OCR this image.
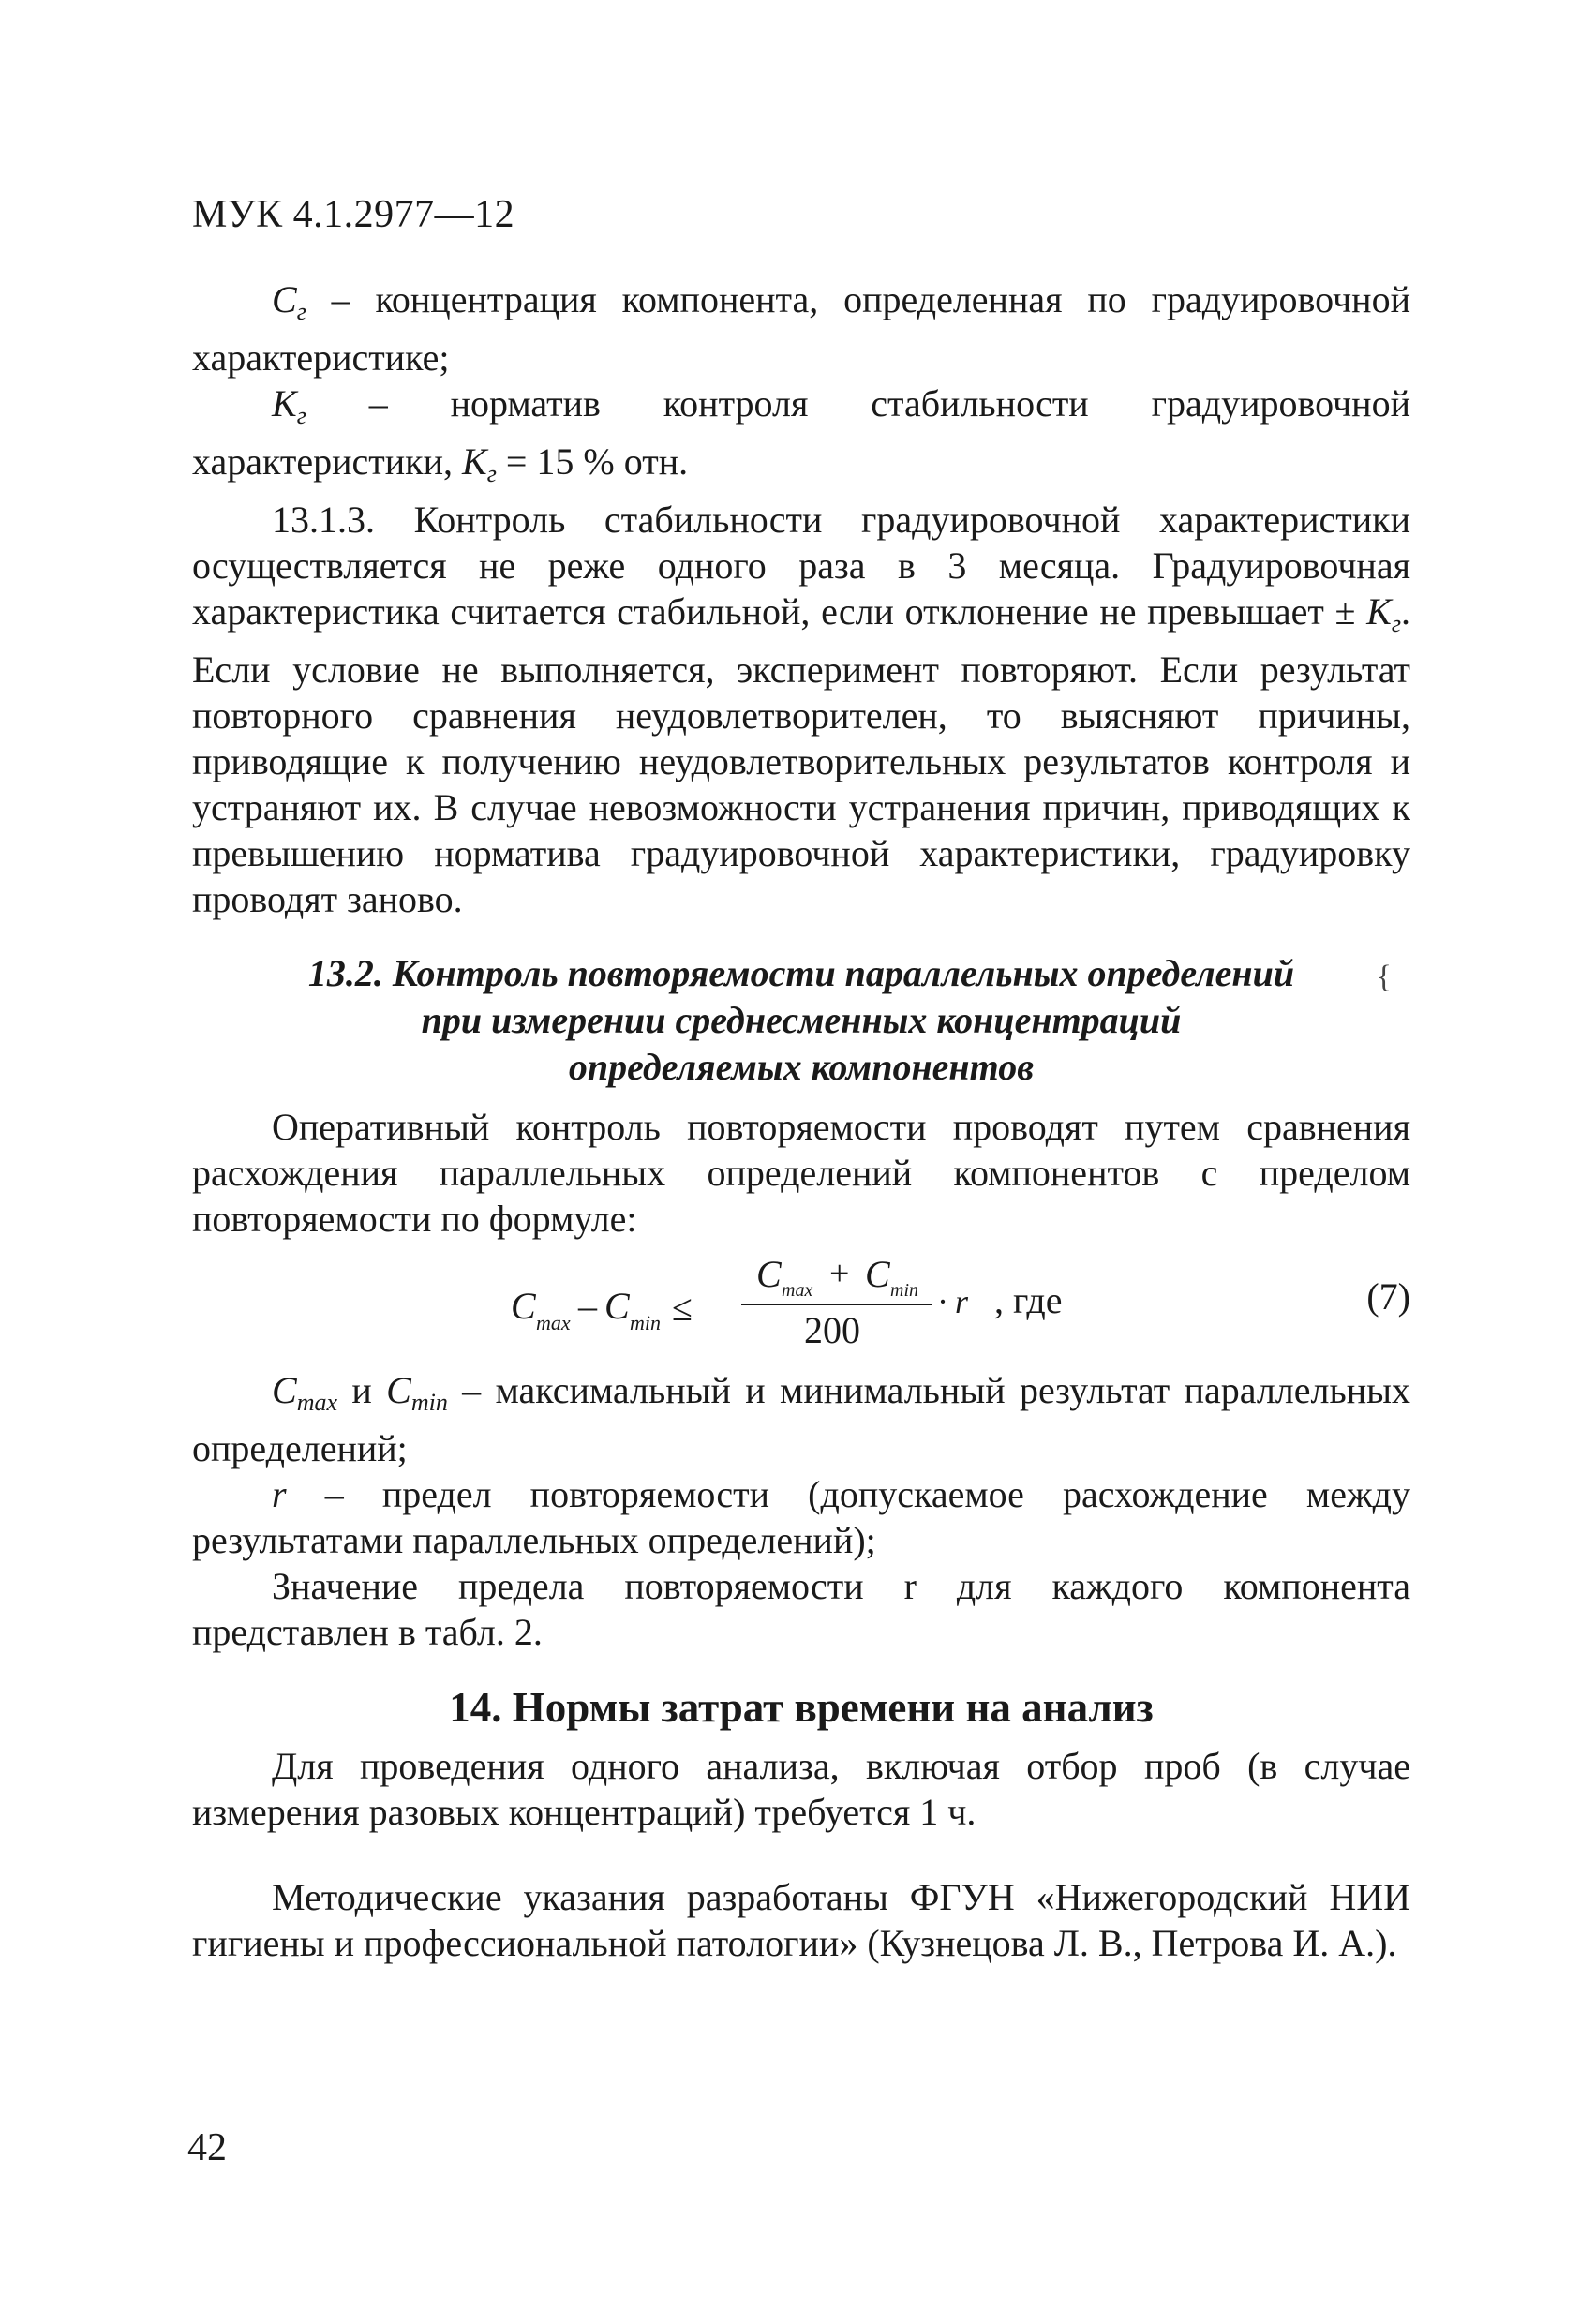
МУК 4.1.2977—12

$C_г$ – концентрация компонента, определенная по градуировочной характеристике;

$K_г$ – норматив контроля стабильности градуировочной характеристики, $K_г = 15$ % отн.

13.1.3. Контроль стабильности градуировочной характеристики осуществляется не реже одного раза в 3 месяца. Градуировочная характеристика считается стабильной, если отклонение не превышает ± $K_г$. Если условие не выполняется, эксперимент повторяют. Если результат повторного сравнения неудовлетворителен, то выясняют причины, приводящие к получению неудовлетворительных результатов контроля и устраняют их. В случае невозможности устранения причин, приводящих к превышению норматива градуировочной характеристики, градуировку проводят заново.

13.2. Контроль повторяемости параллельных определений
при измерении среднесменных концентраций
определяемых компонентов
{

Оперативный контроль повторяемости проводят путем сравнения расхождения параллельных определений компонентов с пределом повторяемости по формуле:

C max – C min ≤
C max + C min
200
· r , где	(7)

$C_{max}$ и $C_{min}$ – максимальный и минимальный результат параллельных определений;

r – предел повторяемости (допускаемое расхождение между результатами параллельных определений);

Значение предела повторяемости r для каждого компонента представлен в табл. 2.

14. Нормы затрат времени на анализ

Для проведения одного анализа, включая отбор проб (в случае измерения разовых концентраций) требуется 1 ч.

Методические указания разработаны ФГУН «Нижегородский НИИ гигиены и профессиональной патологии» (Кузнецова Л. В., Петрова И. А.).

42
